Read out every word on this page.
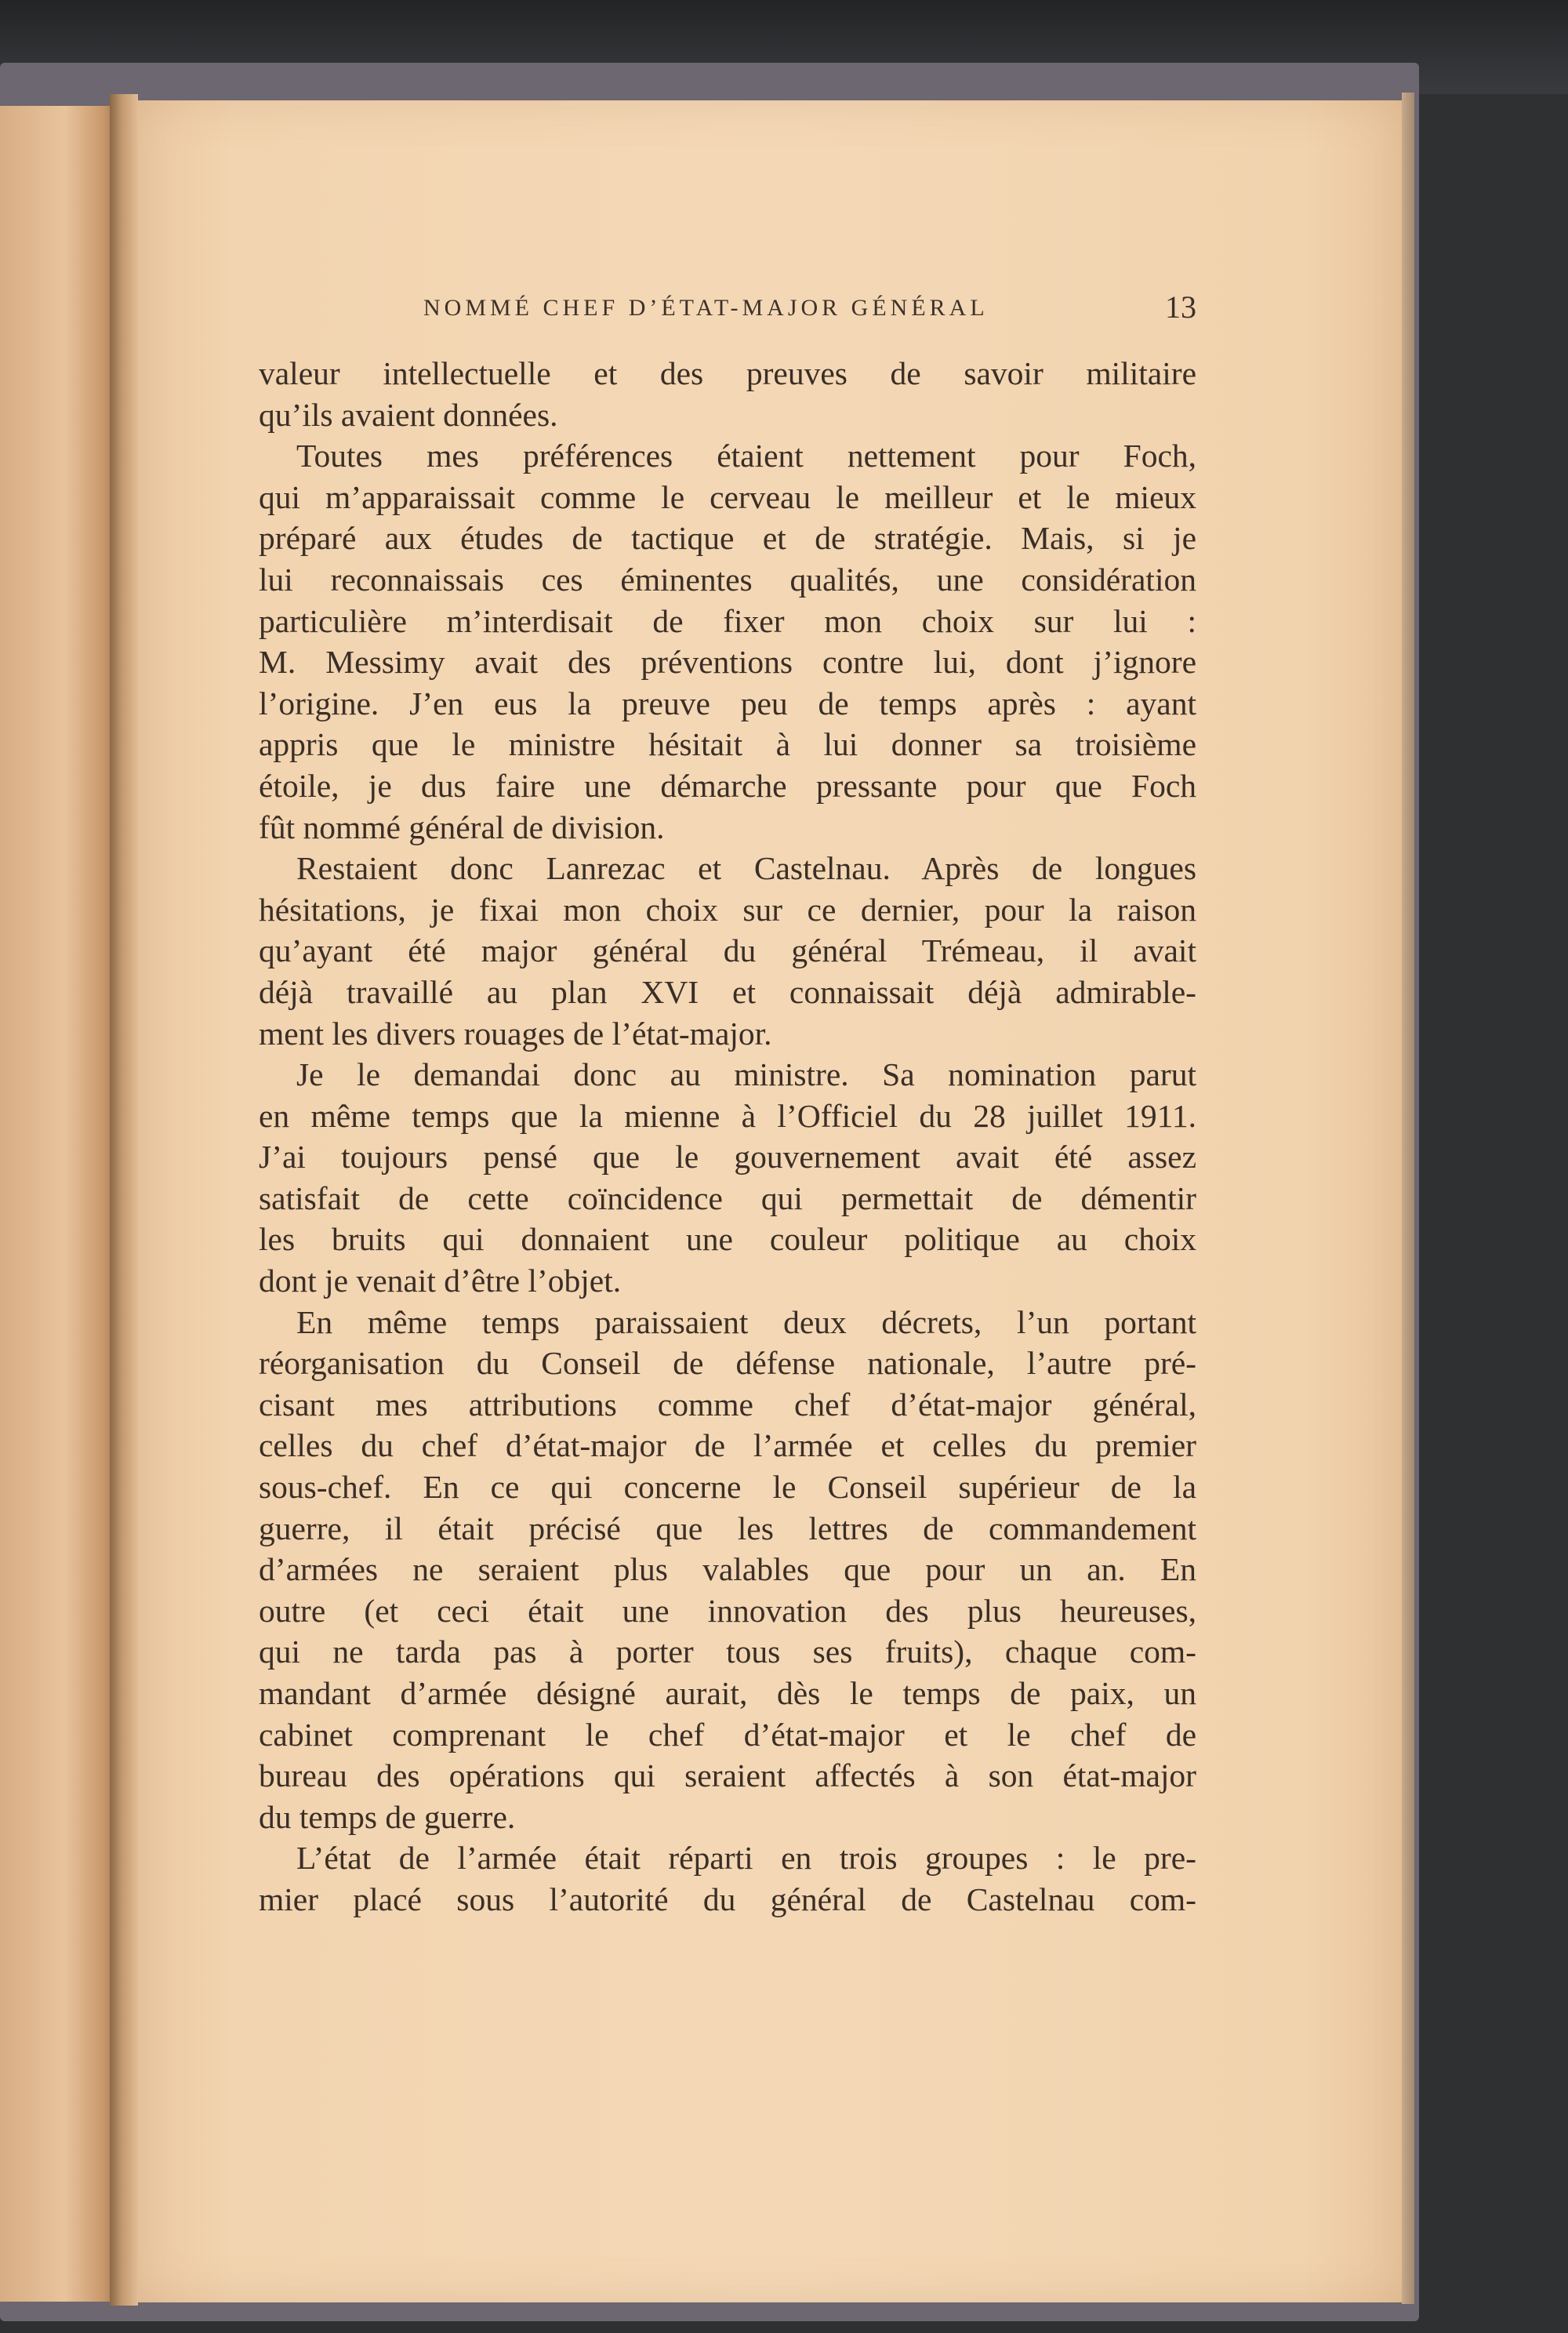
NOMMÉ CHEF D’ÉTAT-MAJOR GÉNÉRAL	13
valeur intellectuelle et des preuves de savoir militaire
qu’ils avaient données.
Toutes mes préférences étaient nettement pour Foch,
qui m’apparaissait comme le cerveau le meilleur et le mieux
préparé aux études de tactique et de stratégie. Mais, si je
lui reconnaissais ces éminentes qualités, une considération
particulière m’interdisait de fixer mon choix sur lui :
M. Messimy avait des préventions contre lui, dont j’ignore
l’origine. J’en eus la preuve peu de temps après : ayant
appris que le ministre hésitait à lui donner sa troisième
étoile, je dus faire une démarche pressante pour que Foch
fût nommé général de division.
Restaient donc Lanrezac et Castelnau. Après de longues
hésitations, je fixai mon choix sur ce dernier, pour la raison
qu’ayant été major général du général Trémeau, il avait
déjà travaillé au plan XVI et connaissait déjà admirable-
ment les divers rouages de l’état-major.
Je le demandai donc au ministre. Sa nomination parut
en même temps que la mienne à l’Officiel du 28 juillet 1911.
J’ai toujours pensé que le gouvernement avait été assez
satisfait de cette coïncidence qui permettait de démentir
les bruits qui donnaient une couleur politique au choix
dont je venait d’être l’objet.
En même temps paraissaient deux décrets, l’un portant
réorganisation du Conseil de défense nationale, l’autre pré-
cisant mes attributions comme chef d’état-major général,
celles du chef d’état-major de l’armée et celles du premier
sous-chef. En ce qui concerne le Conseil supérieur de la
guerre, il était précisé que les lettres de commandement
d’armées ne seraient plus valables que pour un an. En
outre (et ceci était une innovation des plus heureuses,
qui ne tarda pas à porter tous ses fruits), chaque com-
mandant d’armée désigné aurait, dès le temps de paix, un
cabinet comprenant le chef d’état-major et le chef de
bureau des opérations qui seraient affectés à son état-major
du temps de guerre.
L’état de l’armée était réparti en trois groupes : le pre-
mier placé sous l’autorité du général de Castelnau com-
